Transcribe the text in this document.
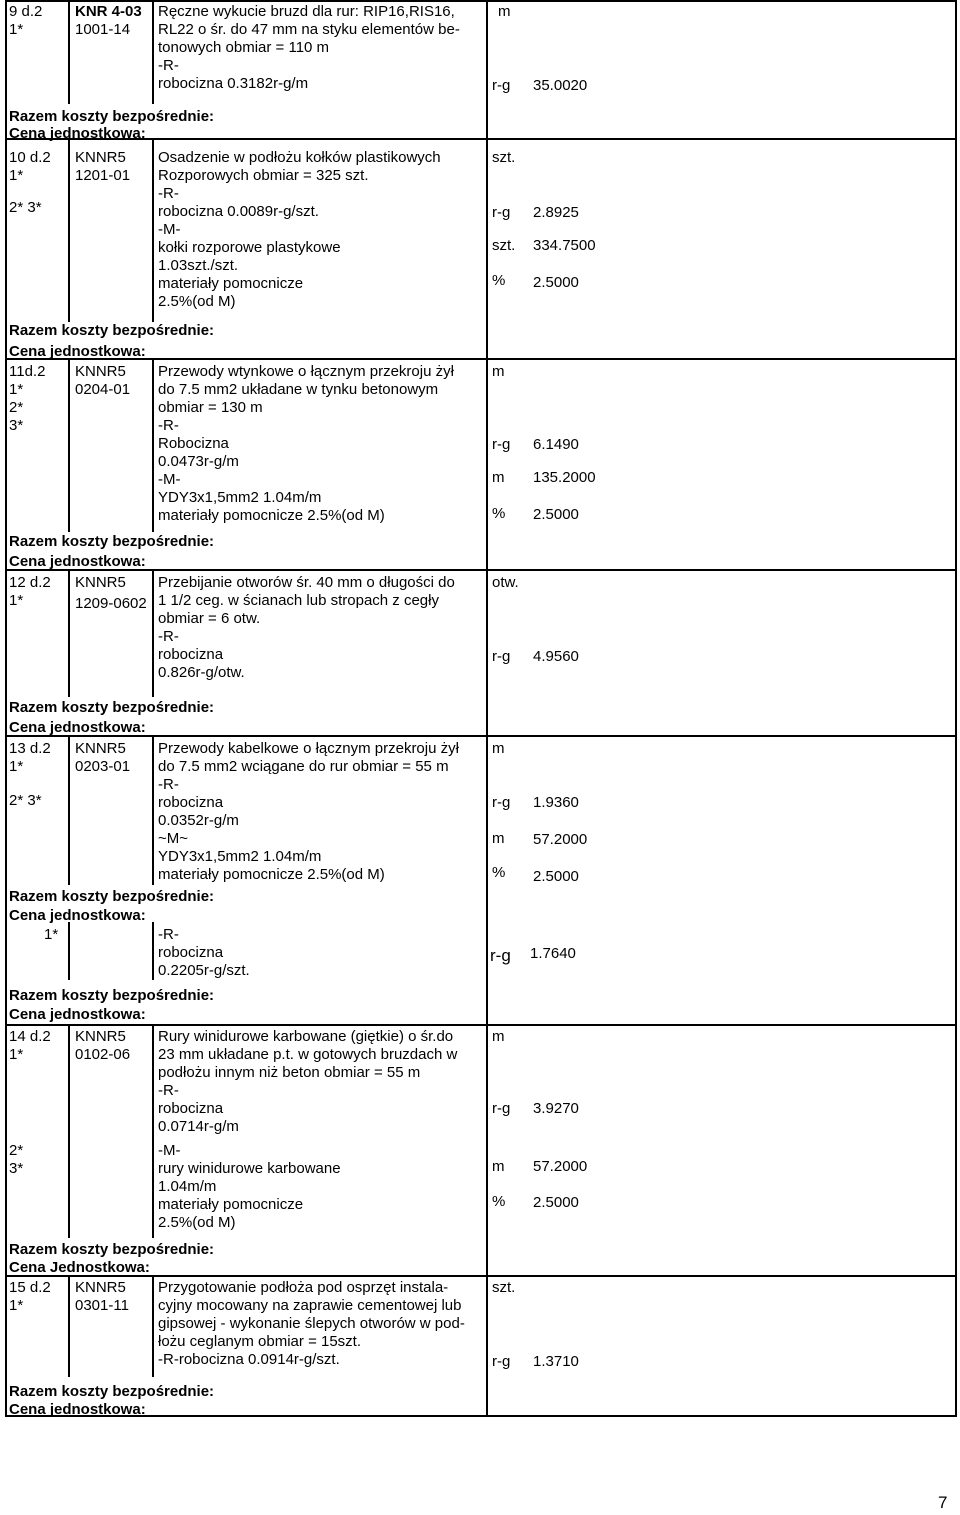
9 d.2
1*
KNR 4-03
1001-14
Ręczne wykucie bruzd dla rur: RIP16,RIS16,
RL22 o śr. do 47 mm na styku elementów be-
tonowych obmiar = 110 m
-R-
robocizna 0.3182r-g/m
m
r-g 35.0020
Razem koszty bezpośrednie:
Cena jednostkowa:
10 d.2
1*
2* 3*
KNNR5
1201-01
Osadzenie w podłożu kołków plastikowych
Rozporowych obmiar = 325 szt.
-R-
robocizna 0.0089r-g/szt.
-M-
kołki rozporowe plastykowe
1.03szt./szt.
materiały pomocnicze
2.5%(od M)
szt.
r-g 2.8925
szt. 334.7500
% 2.5000
Razem koszty bezpośrednie:
Cena jednostkowa:
11d.2
1*
2*
3*
KNNR5
0204-01
Przewody wtynkowe o łącznym przekroju żył
do 7.5 mm2 układane w tynku betonowym
obmiar = 130 m
-R-
Robocizna
0.0473r-g/m
-M-
YDY3x1,5mm2 1.04m/m
materiały pomocnicze 2.5%(od M)
m
r-g 6.1490
m 135.2000
% 2.5000
Razem koszty bezpośrednie:
Cena jednostkowa:
12 d.2
1*
KNNR5
1209-0602
Przebijanie otworów śr. 40 mm o długości do
1 1/2 ceg. w ścianach lub stropach z cegły
obmiar = 6 otw.
-R-
robocizna
0.826r-g/otw.
otw.
r-g 4.9560
Razem koszty bezpośrednie:
Cena jednostkowa:
13 d.2
1*
2* 3*
KNNR5
0203-01
Przewody kabelkowe o łącznym przekroju żył
do 7.5 mm2 wciągane do rur obmiar = 55 m
-R-
robocizna
0.0352r-g/m
~M~
YDY3x1,5mm2 1.04m/m
materiały pomocnicze 2.5%(od M)
m
r-g 1.9360
m 57.2000
% 2.5000
Razem koszty bezpośrednie:
Cena jednostkowa:
1*	-R-
robocizna
0.2205r-g/szt.
r-g 1.7640
Razem koszty bezpośrednie:
Cena jednostkowa:
14 d.2
1*
2*
3*
KNNR5
0102-06
Rury winidurowe karbowane (giętkie) o śr.do
23 mm układane p.t. w gotowych bruzdach w
podłożu innym niż beton obmiar = 55 m
-R-
robocizna
0.0714r-g/m
-M-
rury winidurowe karbowane
1.04m/m
materiały pomocnicze
2.5%(od M)
m
r-g 3.9270
m 57.2000
% 2.5000
Razem koszty bezpośrednie:
Cena Jednostkowa:
15 d.2
1*
KNNR5
0301-11
Przygotowanie podłoża pod osprzęt instala-
cyjny mocowany na zaprawie cementowej lub
gipsowej - wykonanie ślepych otworów w pod-
łożu ceglanym obmiar = 15szt.
-R-robocizna 0.0914r-g/szt.
szt.
r-g 1.3710
Razem koszty bezpośrednie:
Cena jednostkowa:
7
